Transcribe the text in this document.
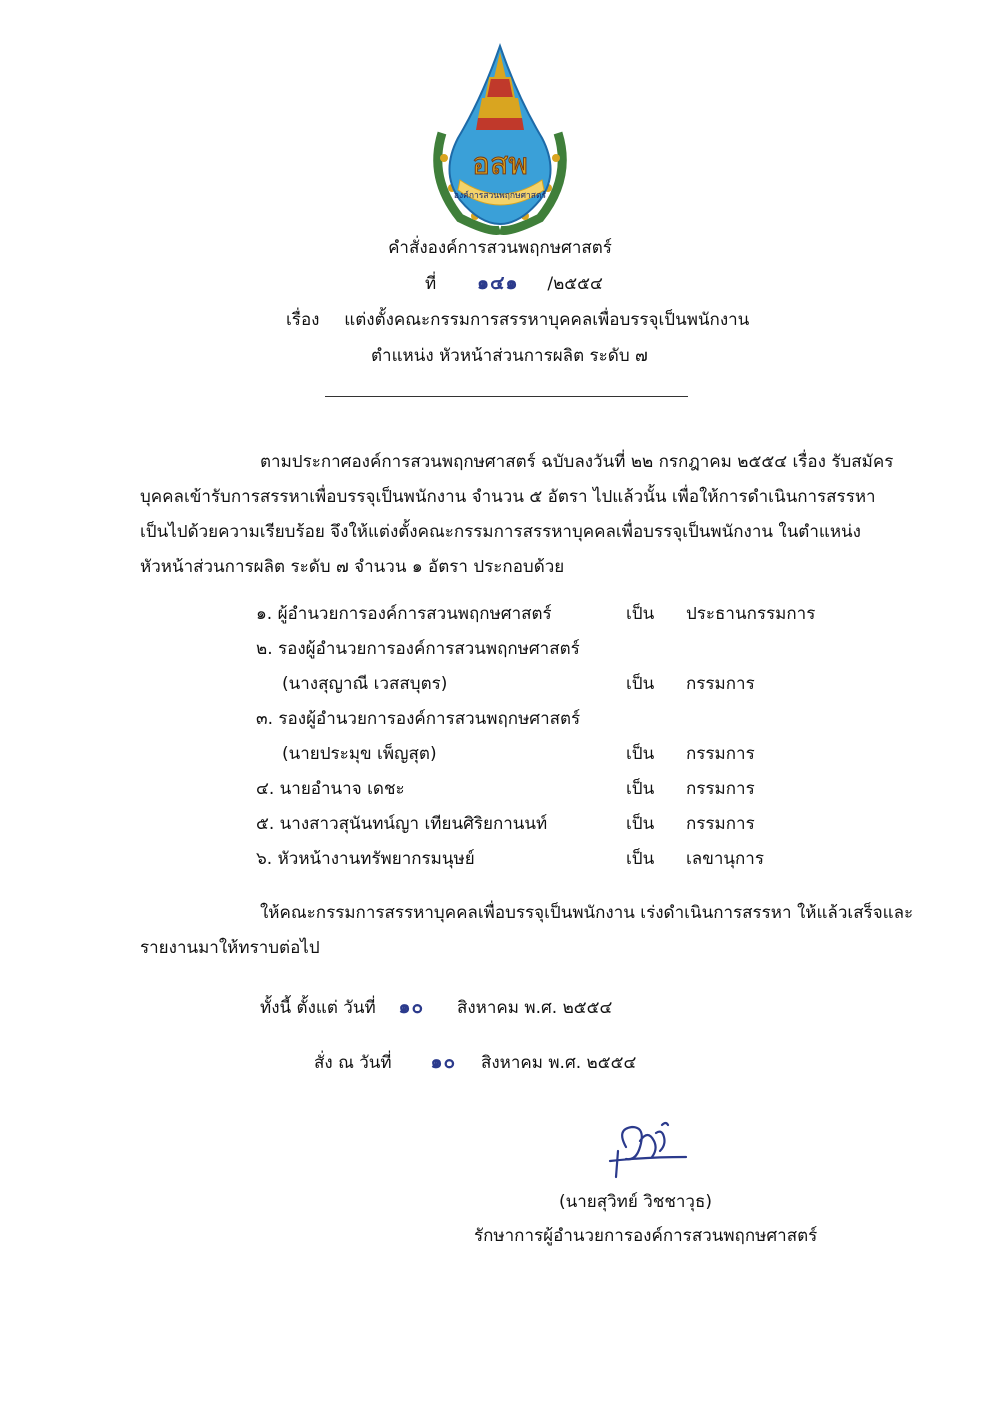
อสพ
องค์การสวนพฤกษศาสตร์
คำสั่งองค์การสวนพฤกษศาสตร์
ที่ ๑๔๑ /๒๕๕๔
เรื่อง แต่งตั้งคณะกรรมการสรรหาบุคคลเพื่อบรรจุเป็นพนักงาน
ตำแหน่ง หัวหน้าส่วนการผลิต ระดับ ๗
ตามประกาศองค์การสวนพฤกษศาสตร์ ฉบับลงวันที่ ๒๒ กรกฎาคม ๒๕๕๔ เรื่อง รับสมัคร
บุคคลเข้ารับการสรรหาเพื่อบรรจุเป็นพนักงาน จำนวน ๕ อัตรา ไปแล้วนั้น เพื่อให้การดำเนินการสรรหา
เป็นไปด้วยความเรียบร้อย จึงให้แต่งตั้งคณะกรรมการสรรหาบุคคลเพื่อบรรจุเป็นพนักงาน ในตำแหน่ง
หัวหน้าส่วนการผลิต ระดับ ๗ จำนวน ๑ อัตรา ประกอบด้วย
๑. ผู้อำนวยการองค์การสวนพฤกษศาสตร์	เป็น ประธานกรรมการ
๒. รองผู้อำนวยการองค์การสวนพฤกษศาสตร์
(นางสุญาณี เวสสบุตร)	เป็น กรรมการ
๓. รองผู้อำนวยการองค์การสวนพฤกษศาสตร์
(นายประมุข เพ็ญสุต)	เป็น กรรมการ
๔. นายอำนาจ เดชะ	เป็น กรรมการ
๕. นางสาวสุนันทน์ญา เทียนศิริยกานนท์	เป็น กรรมการ
๖. หัวหน้างานทรัพยากรมนุษย์	เป็น เลขานุการ
ให้คณะกรรมการสรรหาบุคคลเพื่อบรรจุเป็นพนักงาน เร่งดำเนินการสรรหา ให้แล้วเสร็จและ
รายงานมาให้ทราบต่อไป
ทั้งนี้ ตั้งแต่ วันที่ ๑๐ สิงหาคม พ.ศ. ๒๕๕๔
สั่ง ณ วันที่ ๑๐ สิงหาคม พ.ศ. ๒๕๕๔
(นายสุวิทย์ วิชชาวุธ)
รักษาการผู้อำนวยการองค์การสวนพฤกษศาสตร์
